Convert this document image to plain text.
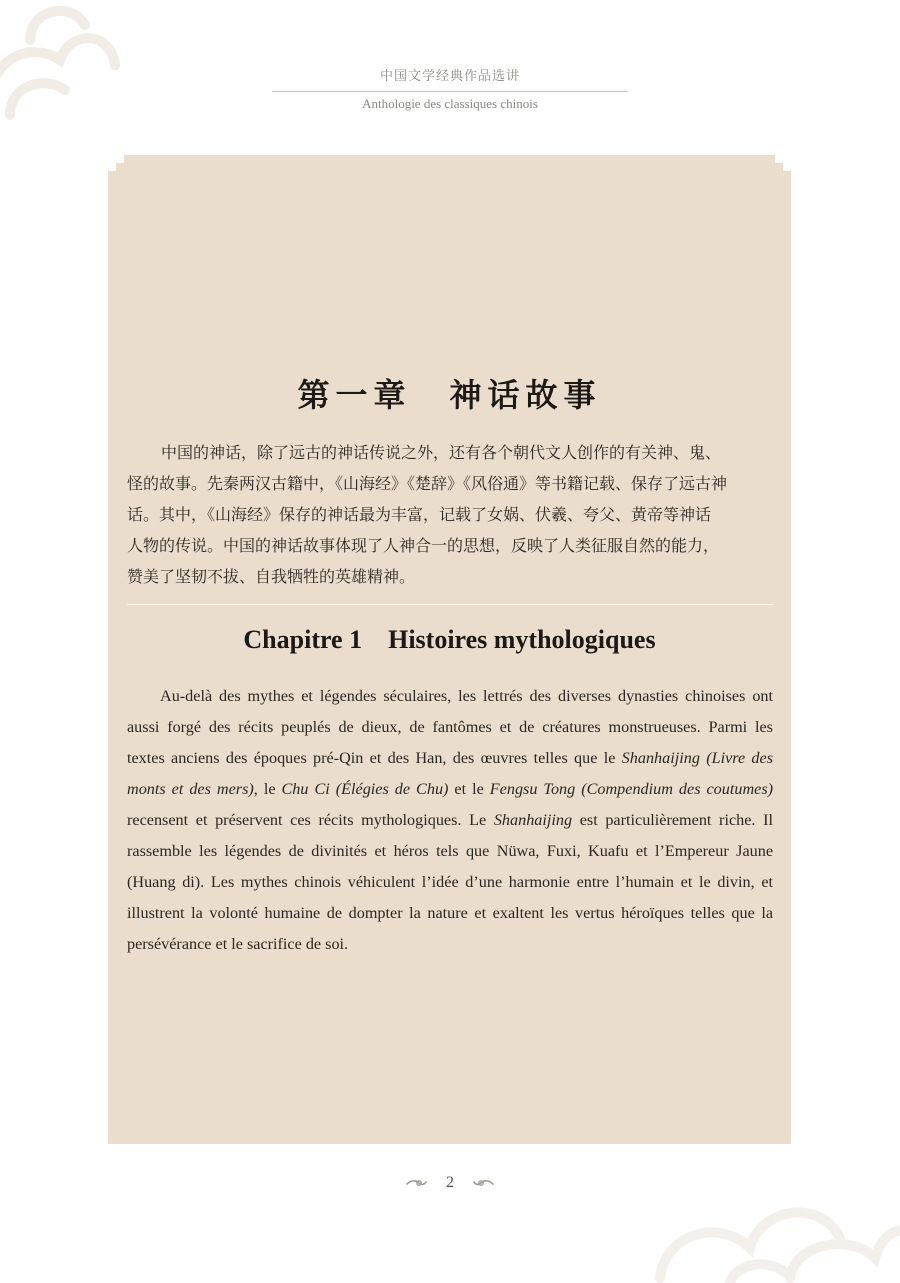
中国文学经典作品选讲
Anthologie des classiques chinois
第一章　神话故事
中国的神话，除了远古的神话传说之外，还有各个朝代文人创作的有关神、鬼、
怪的故事。先秦两汉古籍中，《山海经》《楚辞》《风俗通》等书籍记载、保存了远古神
话。其中，《山海经》保存的神话最为丰富，记载了女娲、伏羲、夸父、黄帝等神话
人物的传说。中国的神话故事体现了人神合一的思想，反映了人类征服自然的能力，
赞美了坚韧不拔、自我牺牲的英雄精神。
Chapitre 1    Histoires mythologiques
Au-delà des mythes et légendes séculaires, les lettrés des diverses dynasties chinoises ont
aussi forgé des récits peuplés de dieux, de fantômes et de créatures monstrueuses. Parmi les
textes anciens des époques pré-Qin et des Han, des œuvres telles que le Shanhaijing (Livre des
monts et des mers), le Chu Ci (Élégies de Chu) et le Fengsu Tong (Compendium des coutumes)
recensent et préservent ces récits mythologiques. Le Shanhaijing est particulièrement riche. Il
rassemble les légendes de divinités et héros tels que Nüwa, Fuxi, Kuafu et l’Empereur Jaune
(Huang di). Les mythes chinois véhiculent l’idée d’une harmonie entre l’humain et le divin, et
illustrent la volonté humaine de dompter la nature et exaltent les vertus héroïques telles que la
persévérance et le sacrifice de soi.
2
